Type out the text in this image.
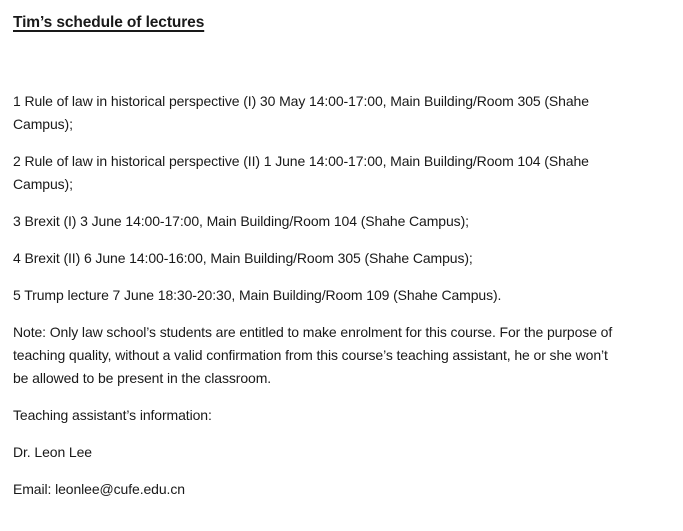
Tim’s schedule of lectures
1 Rule of law in historical perspective (I) 30 May 14:00-17:00, Main Building/Room 305 (Shahe
Campus);
2 Rule of law in historical perspective (II) 1 June 14:00-17:00, Main Building/Room 104 (Shahe
Campus);
3 Brexit (I) 3 June 14:00-17:00, Main Building/Room 104 (Shahe Campus);
4 Brexit (II) 6 June 14:00-16:00, Main Building/Room 305 (Shahe Campus);
5 Trump lecture 7 June 18:30-20:30, Main Building/Room 109 (Shahe Campus).
Note: Only law school’s students are entitled to make enrolment for this course. For the purpose of
teaching quality, without a valid confirmation from this course’s teaching assistant, he or she won’t
be allowed to be present in the classroom.
Teaching assistant’s information:
Dr. Leon Lee
Email: leonlee@cufe.edu.cn
